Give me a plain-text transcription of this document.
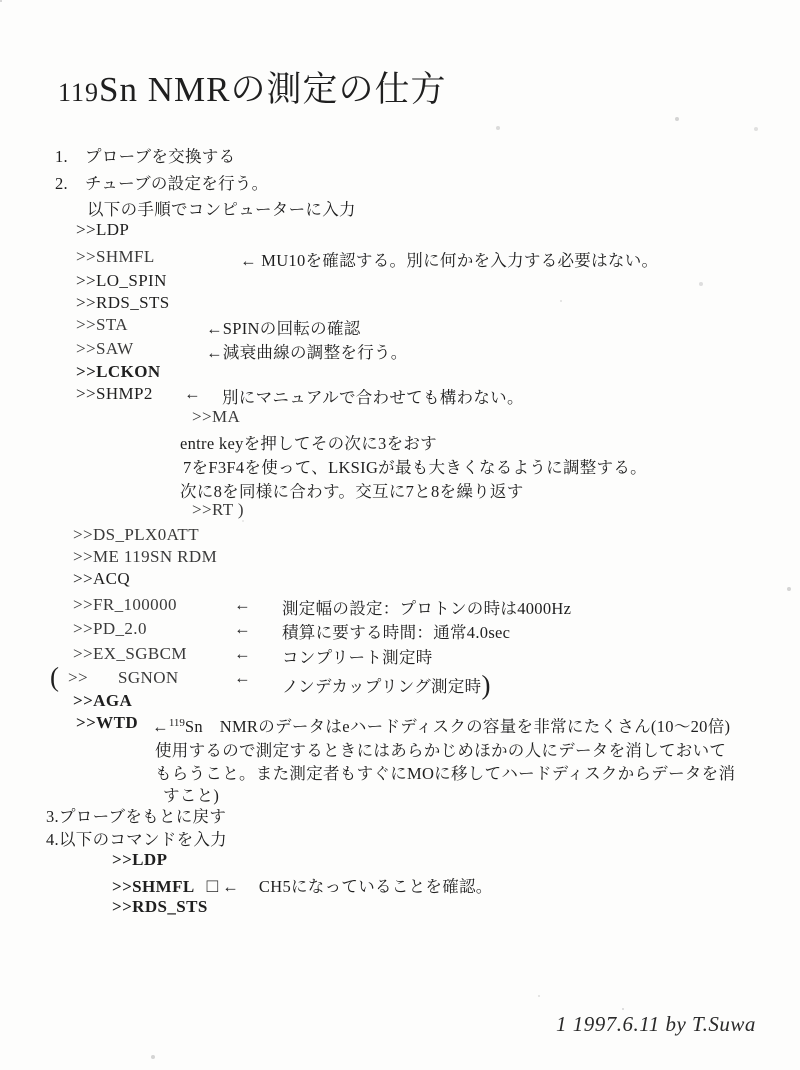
119Sn NMRの測定の仕方
1. プローブを交換する
2. チューブの設定を行う。
以下の手順でコンピューターに入力
>>LDP
>>SHMFL	← MU10を確認する。別に何かを入力する必要はない。
>>LO_SPIN
>>RDS_STS
>>STA	←SPINの回転の確認
>>SAW	←減衰曲線の調整を行う。
>>LCKON
>>SHMP2 ← 別にマニュアルで合わせても構わない。
>>MA
entre keyを押してその次に3をおす
7をF3F4を使って、LKSIGが最も大きくなるように調整する。
次に8を同様に合わす。交互に7と8を繰り返す
>>RT )
>>DS_PLX0ATT
>>ME 119SN RDM
>>ACQ
>>FR_100000	← 測定幅の設定：プロトンの時は4000Hz
>>PD_2.0	← 積算に要する時間：通常4.0sec
>>EX_SGBCM	← コンプリート測定時
( >> SGNON	← ノンデカップリング測定時)
>>AGA
>>WTD ←$^{119}$Sn　NMRのデータはeハードディスクの容量を非常にたくさん(10～20倍)
使用するので測定するときにはあらかじめほかの人にデータを消しておいて
もらうこと。また測定者もすぐにMOに移してハードディスクからデータを消
すこと)
3.プローブをもとに戻す
4.以下のコマンドを入力
>>LDP
>>SHMFL □ ← CH5になっていることを確認。
>>RDS_STS
1 1997.6.11 by T.Suwa
